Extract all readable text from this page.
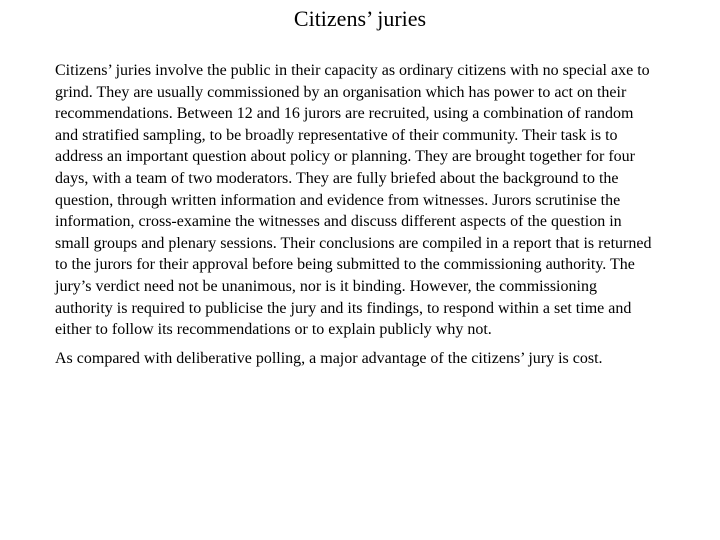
Citizens’ juries

Citizens’ juries involve the public in their capacity as ordinary citizens with no special axe to grind. They are usually commissioned by an organisation which has power to act on their recommendations. Between 12 and 16 jurors are recruited, using a combination of random and stratified sampling, to be broadly representative of their community. Their task is to address an important question about policy or planning. They are brought together for four days, with a team of two moderators. They are fully briefed about the background to the question, through written information and evidence from witnesses. Jurors scrutinise the information, cross-examine the witnesses and discuss different aspects of the question in small groups and plenary sessions. Their conclusions are compiled in a report that is returned to the jurors for their approval before being submitted to the commissioning authority. The jury’s verdict need not be unanimous, nor is it binding. However, the commissioning authority is required to publicise the jury and its findings, to respond within a set time and either to follow its recommendations or to explain publicly why not.

As compared with deliberative polling, a major advantage of the citizens’ jury is cost.
